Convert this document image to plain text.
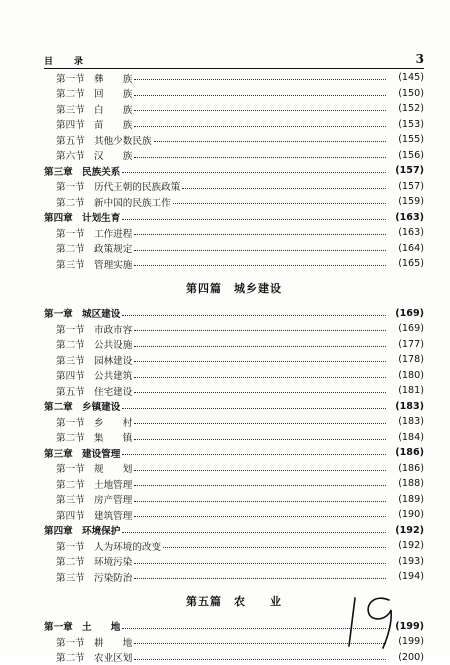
目　录	3
第一节 彝　　族	(145)
第二节 回　　族	(150)
第三节 白　　族	(152)
第四节 苗　　族	(153)
第五节 其他少数民族	(155)
第六节 汉　　族	(156)
第三章 民族关系	(157)
第一节 历代王朝的民族政策	(157)
第二节 新中国的民族工作	(159)
第四章 计划生育	(163)
第一节 工作进程	(163)
第二节 政策规定	(164)
第三节 管理实施	(165)
第四篇　城乡建设
第一章 城区建设	(169)
第一节 市政市容	(169)
第二节 公共设施	(177)
第三节 园林建设	(178)
第四节 公共建筑	(180)
第五节 住宅建设	(181)
第二章 乡镇建设	(183)
第一节 乡　　村	(183)
第二节 集　　镇	(184)
第三章 建设管理	(186)
第一节 规　　划	(186)
第二节 土地管理	(188)
第三节 房产管理	(189)
第四节 建筑管理	(190)
第四章 环境保护	(192)
第一节 人为环境的改变	(192)
第二节 环境污染	(193)
第三节 污染防治	(194)
第五篇　农　　业
第一章 土　　地	(199)
第一节 耕　　地	(199)
第二节 农业区划	(200)
